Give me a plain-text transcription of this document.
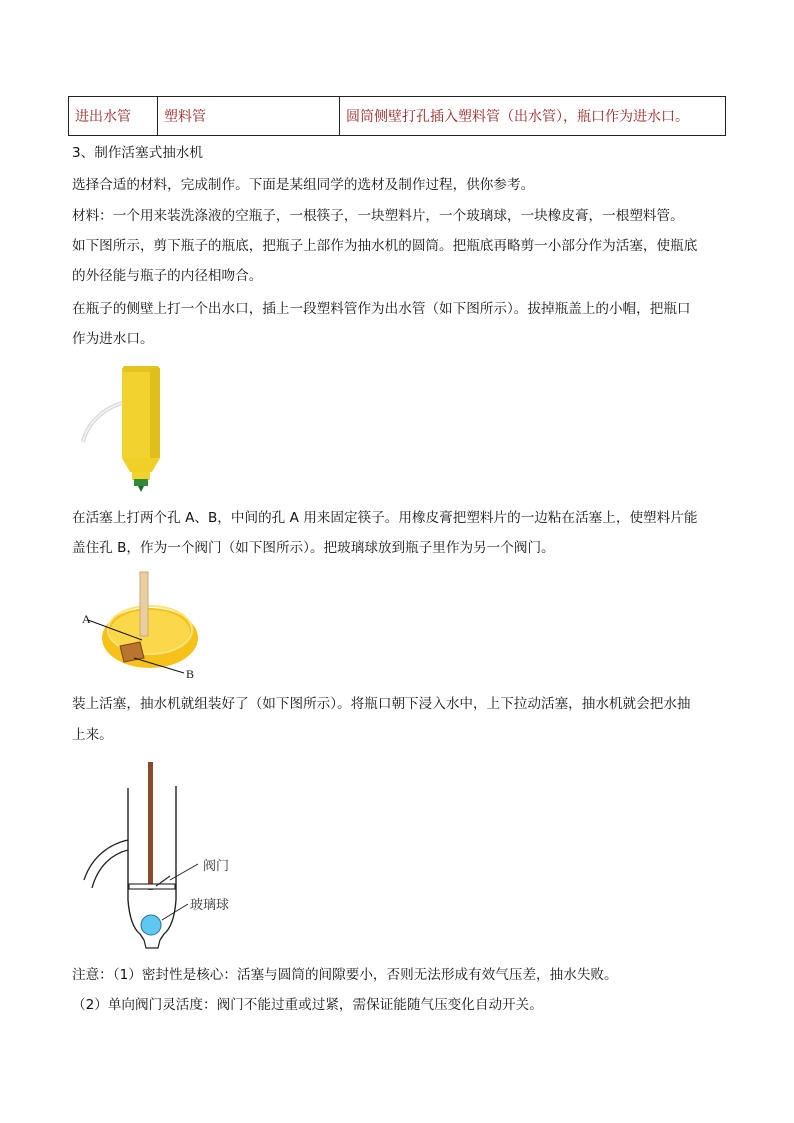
进出水管	塑料管	圆筒侧壁打孔插入塑料管（出水管），瓶口作为进水口。
3、制作活塞式抽水机
选择合适的材料，完成制作。下面是某组同学的选材及制作过程，供你参考。
材料：一个用来装洗涤液的空瓶子，一根筷子，一块塑料片，一个玻璃球，一块橡皮膏，一根塑料管。
如下图所示，剪下瓶子的瓶底，把瓶子上部作为抽水机的圆筒。把瓶底再略剪一小部分作为活塞，使瓶底
的外径能与瓶子的内径相吻合。
在瓶子的侧壁上打一个出水口，插上一段塑料管作为出水管（如下图所示）。拔掉瓶盖上的小帽，把瓶口
作为进水口。
在活塞上打两个孔 A、B，中间的孔 A 用来固定筷子。用橡皮膏把塑料片的一边粘在活塞上，使塑料片能
盖住孔 B，作为一个阀门（如下图所示）。把玻璃球放到瓶子里作为另一个阀门。
A
B
装上活塞，抽水机就组装好了（如下图所示）。将瓶口朝下浸入水中，上下拉动活塞，抽水机就会把水抽
上来。
阀门
玻璃球
注意：（1）密封性是核心：活塞与圆筒的间隙要小，否则无法形成有效气压差，抽水失败。
（2）单向阀门灵活度：阀门不能过重或过紧，需保证能随气压变化自动开关。
